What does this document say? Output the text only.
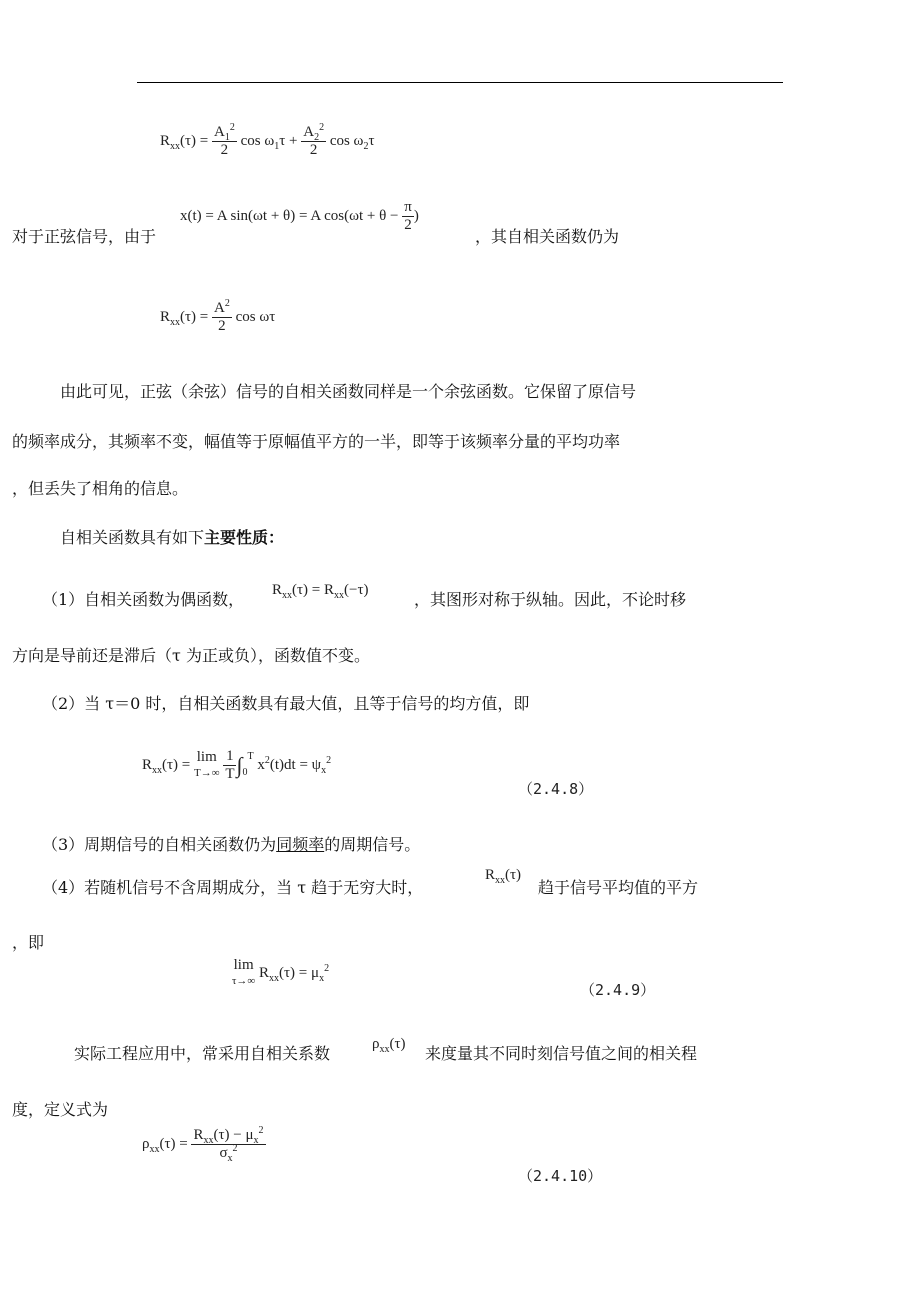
$R_{xx}(\tau) = \frac{A_1^2}{2}$ $\cos \omega_1\tau + \frac{A_2^2}{2}$ $\cos \omega_2\tau$
对于正弦信号，由于
x(t) = A sin(ωt + θ) = A $\cos(\omega t + \theta - \frac{\pi}{2}$ )
，其自相关函数仍为
$R_{xx}(\tau) = \frac{A^2}{2}$ cos ωτ
由此可见，正弦（余弦）信号的自相关函数同样是一个余弦函数。它保留了原信号
的频率成分，其频率不变，幅值等于原幅值平方的一半，即等于该频率分量的平均功率
，但丢失了相角的信息。
自相关函数具有如下主要性质：
（1）自相关函数为偶函数， $R_{xx}(\tau) = R_{xx}(-\tau)$	，其图形对称于纵轴。因此，不论时移
方向是导前还是滞后（τ 为正或负），函数值不变。
（2）当 τ＝0 时，自相关函数具有最大值，且等于信号的均方值，即
$R_{xx}(\tau) = \lim$
$T\to\infty \frac{1}{T} \int_0^T$ $x^2(t)dt = \psi_x^2$
（2.4.8）
（3）周期信号的自相关函数仍为同频率的周期信号。
（4）若随机信号不含周期成分，当 τ 趋于无穷大时，
$R_{xx}(\tau)$
趋于信号平均值的平方
，即
lim
τ→∞ $R_{xx}(\tau) = \mu_x^2$
（2.4.9）
实际工程应用中，常采用自相关系数	$\rho_{xx}(\tau)$ 来度量其不同时刻信号值之间的相关程
度，定义式为
$\rho_{xx}(\tau) = \frac{R_{xx}(\tau) - \mu_x^2}{\sigma_x^2}$
（2.4.10）
